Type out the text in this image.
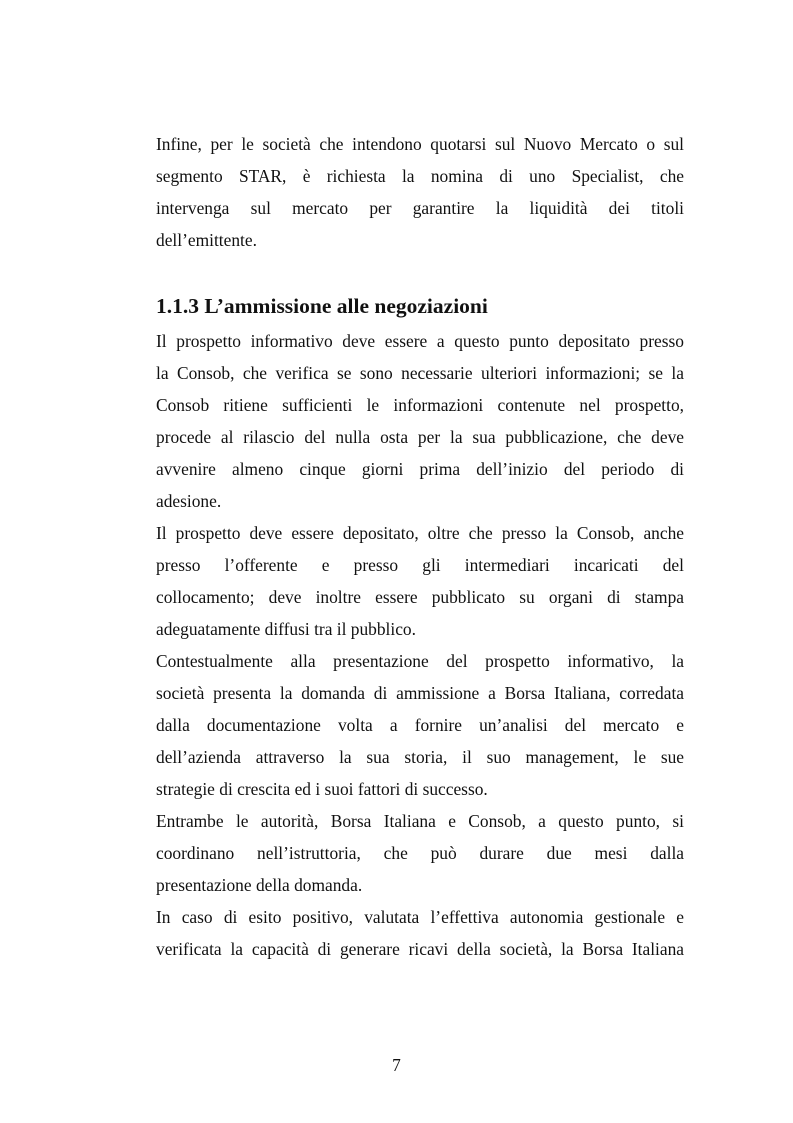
Infine, per le società che intendono quotarsi sul Nuovo Mercato o sul
segmento STAR, è richiesta la nomina di uno Specialist, che
intervenga sul mercato per garantire la liquidità dei titoli
dell’emittente.
1.1.3 L’ammissione alle negoziazioni
Il prospetto informativo deve essere a questo punto depositato presso
la Consob, che verifica se sono necessarie ulteriori informazioni; se la
Consob ritiene sufficienti le informazioni contenute nel prospetto,
procede al rilascio del nulla osta per la sua pubblicazione, che deve
avvenire almeno cinque giorni prima dell’inizio del periodo di
adesione.
Il prospetto deve essere depositato, oltre che presso la Consob, anche
presso l’offerente e presso gli intermediari incaricati del
collocamento; deve inoltre essere pubblicato su organi di stampa
adeguatamente diffusi tra il pubblico.
Contestualmente alla presentazione del prospetto informativo, la
società presenta la domanda di ammissione a Borsa Italiana, corredata
dalla documentazione volta a fornire un’analisi del mercato e
dell’azienda attraverso la sua storia, il suo management, le sue
strategie di crescita ed i suoi fattori di successo.
Entrambe le autorità, Borsa Italiana e Consob, a questo punto, si
coordinano nell’istruttoria, che può durare due mesi dalla
presentazione della domanda.
In caso di esito positivo, valutata l’effettiva autonomia gestionale e
verificata la capacità di generare ricavi della società, la Borsa Italiana
7
